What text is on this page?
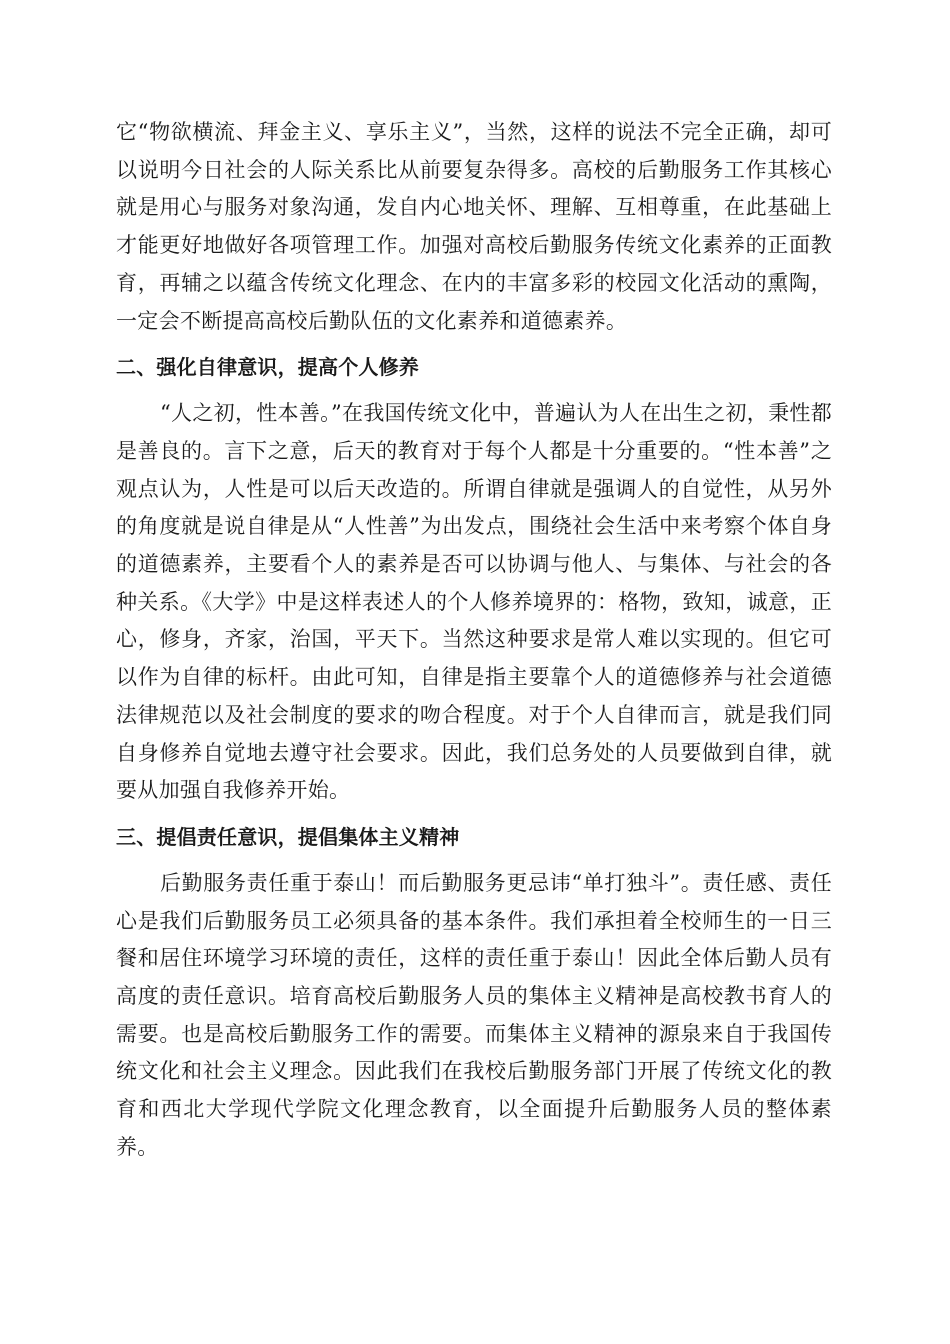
它“物欲横流、拜金主义、享乐主义”，当然，这样的说法不完全正确，却可以说明今日社会的人际关系比从前要复杂得多。高校的后勤服务工作其核心就是用心与服务对象沟通，发自内心地关怀、理解、互相尊重，在此基础上才能更好地做好各项管理工作。加强对高校后勤服务传统文化素养的正面教育，再辅之以蕴含传统文化理念、在内的丰富多彩的校园文化活动的熏陶，一定会不断提高高校后勤队伍的文化素养和道德素养。

二、强化自律意识，提高个人修养

“人之初，性本善。”在我国传统文化中，普遍认为人在出生之初，秉性都是善良的。言下之意，后天的教育对于每个人都是十分重要的。“性本善”之观点认为，人性是可以后天改造的。所谓自律就是强调人的自觉性，从另外的角度就是说自律是从“人性善”为出发点，围绕社会生活中来考察个体自身的道德素养，主要看个人的素养是否可以协调与他人、与集体、与社会的各种关系。《大学》中是这样表述人的个人修养境界的：格物，致知，诚意，正心，修身，齐家，治国，平天下。当然这种要求是常人难以实现的。但它可以作为自律的标杆。由此可知，自律是指主要靠个人的道德修养与社会道德法律规范以及社会制度的要求的吻合程度。对于个人自律而言，就是我们同自身修养自觉地去遵守社会要求。因此，我们总务处的人员要做到自律，就要从加强自我修养开始。

三、提倡责任意识，提倡集体主义精神

后勤服务责任重于泰山！而后勤服务更忌讳“单打独斗”。责任感、责任心是我们后勤服务员工必须具备的基本条件。我们承担着全校师生的一日三餐和居住环境学习环境的责任，这样的责任重于泰山！因此全体后勤人员有高度的责任意识。培育高校后勤服务人员的集体主义精神是高校教书育人的需要。也是高校后勤服务工作的需要。而集体主义精神的源泉来自于我国传统文化和社会主义理念。因此我们在我校后勤服务部门开展了传统文化的教育和西北大学现代学院文化理念教育，以全面提升后勤服务人员的整体素养。
